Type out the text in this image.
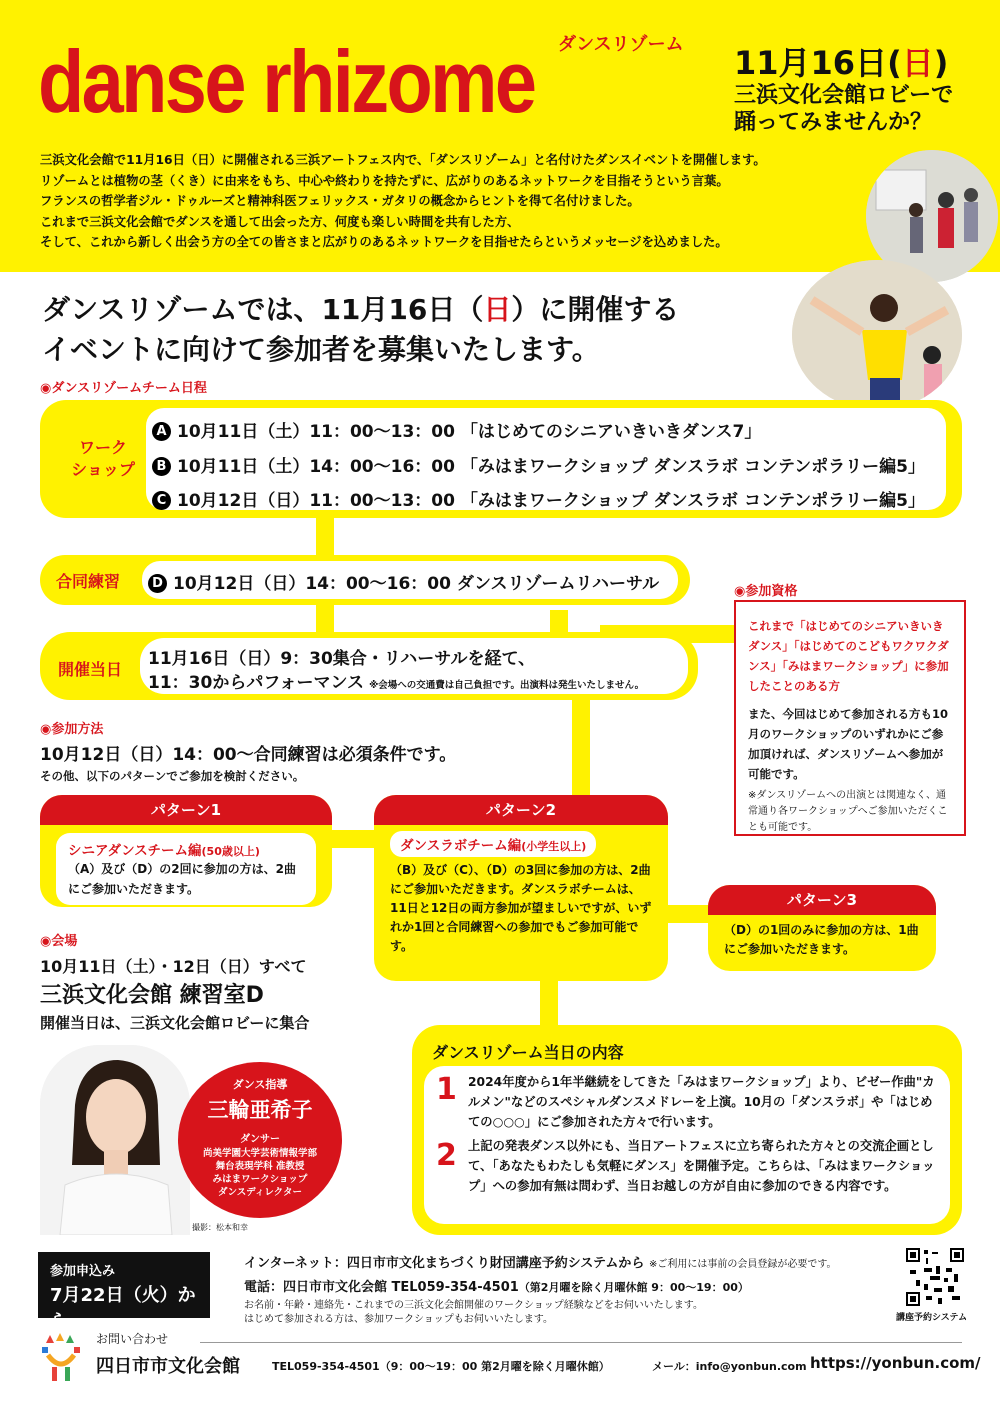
ダンスリゾーム
danse rhizome	11月16日(日)
三浜文化会館ロビーで
踊ってみませんか？
三浜文化会館で11月16日（日）に開催される三浜アートフェス内で、「ダンスリゾーム」と名付けたダンスイベントを開催します。
リゾームとは植物の茎（くき）に由来をもち、中心や終わりを持たずに、広がりのあるネットワークを目指そうという言葉。
フランスの哲学者ジル・ドゥルーズと精神科医フェリックス・ガタリの概念からヒントを得て名付けました。
これまで三浜文化会館でダンスを通して出会った方、何度も楽しい時間を共有した方、
そして、これから新しく出会う方の全ての皆さまと広がりのあるネットワークを目指せたらというメッセージを込めました。
ダンスリゾームでは、11月16日（日）に開催する
イベントに向けて参加者を募集いたします。
◉ダンスリゾームチーム日程
ワーク
ショップ
A 10月11日（土）11：00〜13：00 「はじめてのシニアいきいきダンス7」
B 10月11日（土）14：00〜16：00 「みはまワークショップ ダンスラボ コンテンポラリー編5」
C 10月12日（日）11：00〜13：00 「みはまワークショップ ダンスラボ コンテンポラリー編5」
合同練習	D 10月12日（日）14：00〜16：00 ダンスリゾームリハーサル
開催当日
11月16日（日）9：30集合・リハーサルを経て、
11：30からパフォーマンス ※会場への交通費は自己負担です。出演料は発生いたしません。
◉参加資格
これまで「はじめてのシニアいきいきダンス」「はじめてのこどもワクワクダンス」「みはまワークショップ」に参加したことのある方
また、今回はじめて参加される方も10月のワークショップのいずれかにご参加頂ければ、ダンスリゾームへ参加が可能です。
※ダンスリゾームへの出演とは関連なく、通常通り各ワークショップへご参加いただくことも可能です。
◉参加方法
10月12日（日）14：00〜合同練習は必須条件です。
その他、以下のパターンでご参加を検討ください。
パターン1
シニアダンスチーム編(50歳以上)
（A）及び（D）の2回に参加の方は、2曲にご参加いただきます。
パターン2
ダンスラボチーム編(小学生以上)
（B）及び（C）、（D）の3回に参加の方は、2曲にご参加いただきます。ダンスラボチームは、11日と12日の両方参加が望ましいですが、いずれか1回と合同練習への参加でもご参加可能です。
パターン3
（D）の1回のみに参加の方は、1曲にご参加いただきます。
◉会場
10月11日（土）・12日（日）すべて
三浜文化会館 練習室D
開催当日は、三浜文化会館ロビーに集合
ダンス指導
三輪亜希子
ダンサー
尚美学園大学芸術情報学部
舞台表現学科 准教授
みはまワークショップ
ダンスディレクター
撮影：松本和幸
ダンスリゾーム当日の内容
1 2024年度から1年半継続をしてきた「みはまワークショップ」より、ビゼー作曲"カルメン"などのスペシャルダンスメドレーを上演。10月の「ダンスラボ」や「はじめての○○○」にご参加された方々で行います。
2 上記の発表ダンス以外にも、当日アートフェスに立ち寄られた方々との交流企画として、「あなたもわたしも気軽にダンス」を開催予定。こちらは、「みはまワークショップ」への参加有無は問わず、当日お越しの方が自由に参加のできる内容です。
参加申込み
7月22日（火）から
インターネット：四日市市文化まちづくり財団講座予約システムから ※ご利用には事前の会員登録が必要です。
電話：四日市市文化会館 TEL059-354-4501（第2月曜を除く月曜休館 9：00〜19：00）
お名前・年齢・連絡先・これまでの三浜文化会館開催のワークショップ経験などをお伺いいたします。
はじめて参加される方は、参加ワークショップもお伺いいたします。	講座予約システム
お問い合わせ
四日市市文化会館	TEL059-354-4501（9：00〜19：00 第2月曜を除く月曜休館）	メール：info@yonbun.com https://yonbun.com/
